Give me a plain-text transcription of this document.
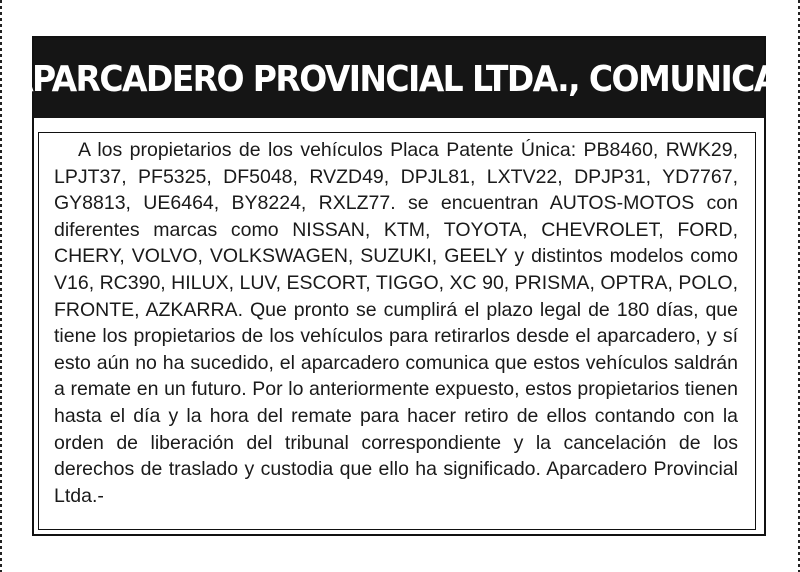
APARCADERO PROVINCIAL LTDA., COMUNICA:

A los propietarios de los vehículos Placa Patente Única: PB8460, RWK29, LPJT37, PF5325, DF5048, RVZD49, DPJL81, LXTV22, DPJP31, YD7767, GY8813, UE6464, BY8224, RXLZ77. se encuentran AUTOS-MOTOS con diferentes marcas como NISSAN, KTM, TOYOTA, CHEVROLET, FORD, CHERY, VOLVO, VOLKSWAGEN, SUZUKI, GEELY y distintos modelos como V16, RC390, HILUX, LUV, ESCORT, TIGGO, XC 90, PRISMA, OPTRA, POLO, FRONTE, AZKARRA. Que pronto se cumplirá el plazo legal de 180 días, que tiene los propietarios de los vehículos para retirarlos desde el aparcadero, y sí esto aún no ha sucedido, el aparcadero comunica que estos vehículos saldrán a remate en un futuro. Por lo anteriormente expuesto, estos propietarios tienen hasta el día y la hora del remate para hacer retiro de ellos contando con la orden de liberación del tribunal correspondiente y la cancelación de los derechos de traslado y custodia que ello ha significado. Aparcadero Provincial Ltda.-
